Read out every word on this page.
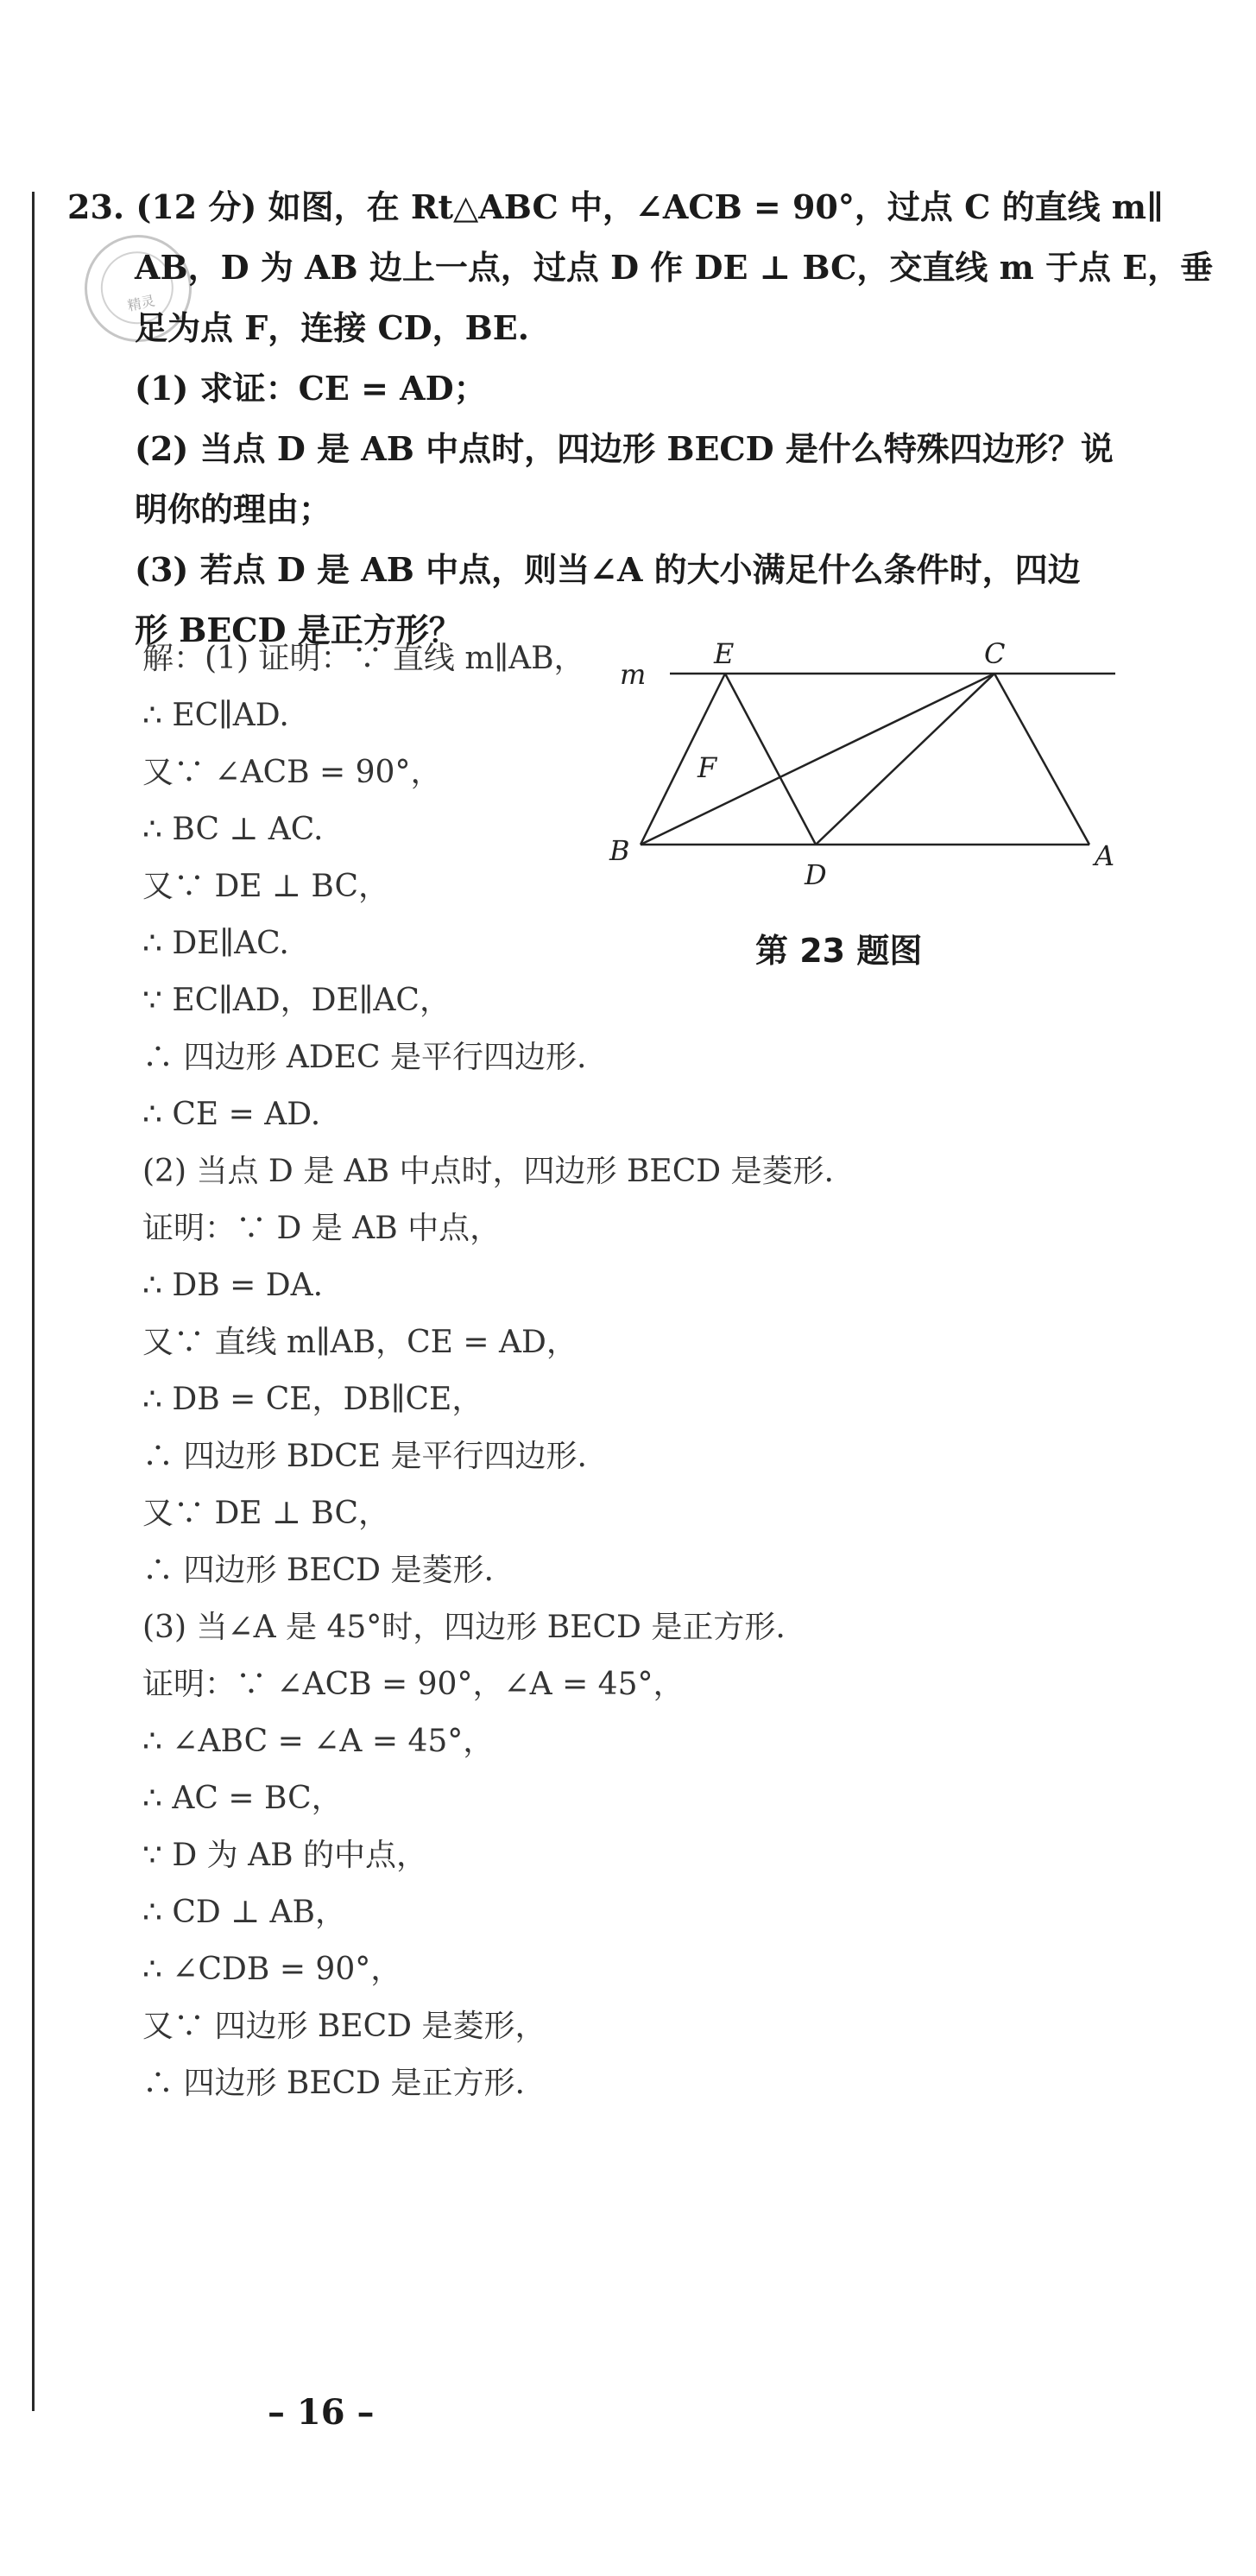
精灵
23. (12 分) 如图，在 Rt△ABC 中，∠ACB = 90°，过点 C 的直线 m∥
AB，D 为 AB 边上一点，过点 D 作 DE ⊥ BC，交直线 m 于点 E，垂
足为点 F，连接 CD，BE.
(1) 求证：CE = AD；
(2) 当点 D 是 AB 中点时，四边形 BECD 是什么特殊四边形？说
明你的理由；
(3) 若点 D 是 AB 中点，则当∠A 的大小满足什么条件时，四边
形 BECD 是正方形？
解：(1) 证明：∵ 直线 m∥AB，
∴ EC∥AD.
又∵ ∠ACB = 90°，
∴ BC ⊥ AC.
又∵ DE ⊥ BC，
∴ DE∥AC.
∵ EC∥AD，DE∥AC，
∴ 四边形 ADEC 是平行四边形.
∴ CE = AD.
(2) 当点 D 是 AB 中点时，四边形 BECD 是菱形.
证明：∵ D 是 AB 中点，
∴ DB = DA.
又∵ 直线 m∥AB，CE = AD，
∴ DB = CE，DB∥CE，
∴ 四边形 BDCE 是平行四边形.
又∵ DE ⊥ BC，
∴ 四边形 BECD 是菱形.
(3) 当∠A 是 45°时，四边形 BECD 是正方形.
证明：∵ ∠ACB = 90°，∠A = 45°，
∴ ∠ABC = ∠A = 45°，
∴ AC = BC，
∵ D 为 AB 的中点，
∴ CD ⊥ AB，
∴ ∠CDB = 90°，
又∵ 四边形 BECD 是菱形，
∴ 四边形 BECD 是正方形.
m
E	C
F
B
D
A
第 23 题图
– 16 –
